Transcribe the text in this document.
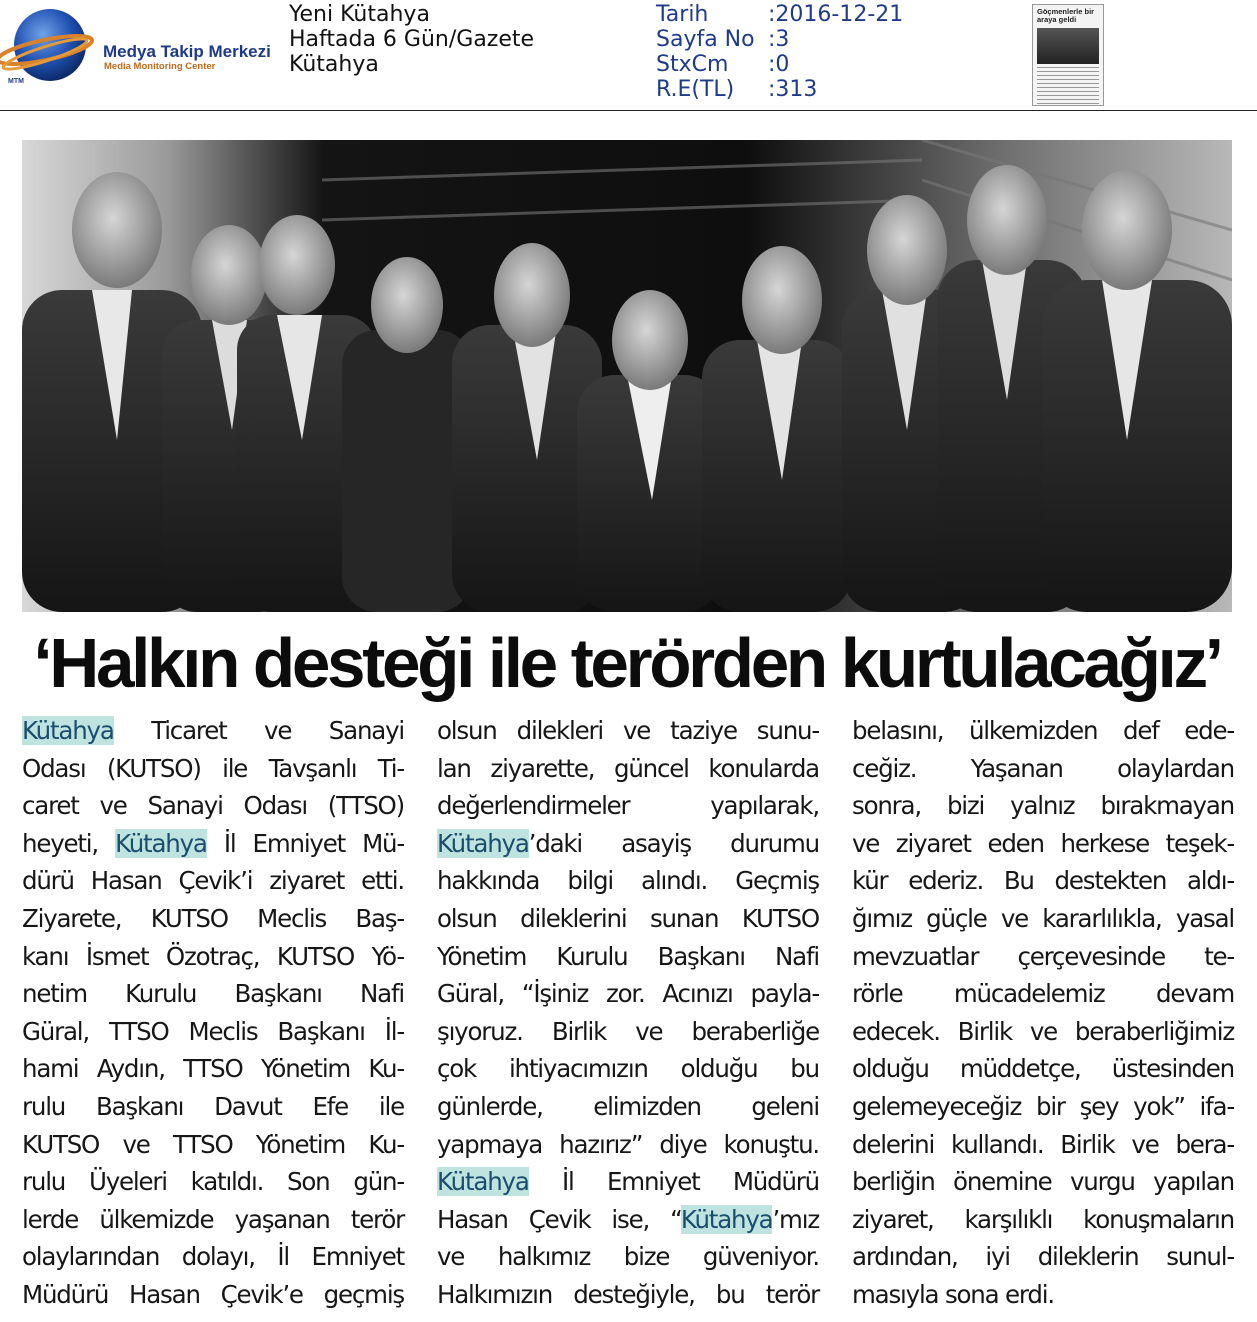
Medya Takip Merkezi
Media Monitoring Center
MTM
Yeni Kütahya
Haftada 6 Gün/Gazete
Kütahya
Tarih	: 2016-12-21
Sayfa No : 3
StxCm	: 0
R.E(TL)	: 313
Göçmenlerle bir araya geldi
‘Halkın desteği ile terörden kurtulacağız’

Kütahya Ticaret ve Sanayi

Odası (KUTSO) ile Tavşanlı Ti-

caret ve Sanayi Odası (TTSO)

heyeti, Kütahya İl Emniyet Mü-

dürü Hasan Çevik’i ziyaret etti.

Ziyarete, KUTSO Meclis Baş-

kanı İsmet Özotraç, KUTSO Yö-

netim Kurulu Başkanı Nafi

Güral, TTSO Meclis Başkanı İl-

hami Aydın, TTSO Yönetim Ku-

rulu Başkanı Davut Efe ile

KUTSO ve TTSO Yönetim Ku-

rulu Üyeleri katıldı. Son gün-

lerde ülkemizde yaşanan terör

olaylarından dolayı, İl Emniyet

Müdürü Hasan Çevik’e geçmiş

olsun dilekleri ve taziye sunu-

lan ziyarette, güncel konularda

değerlendirmeler yapılarak,

Kütahya’daki asayiş durumu

hakkında bilgi alındı. Geçmiş

olsun dileklerini sunan KUTSO

Yönetim Kurulu Başkanı Nafi

Güral, “İşiniz zor. Acınızı payla-

şıyoruz. Birlik ve beraberliğe

çok ihtiyacımızın olduğu bu

günlerde, elimizden geleni

yapmaya hazırız” diye konuştu.

Kütahya İl Emniyet Müdürü

Hasan Çevik ise, “Kütahya’mız

ve halkımız bize güveniyor.

Halkımızın desteğiyle, bu terör

belasını, ülkemizden def ede-

ceğiz. Yaşanan olaylardan

sonra, bizi yalnız bırakmayan

ve ziyaret eden herkese teşek-

kür ederiz. Bu destekten aldı-

ğımız güçle ve kararlılıkla, yasal

mevzuatlar çerçevesinde te-

rörle mücadelemiz devam

edecek. Birlik ve beraberliğimiz

olduğu müddetçe, üstesinden

gelemeyeceğiz bir şey yok” ifa-

delerini kullandı. Birlik ve bera-

berliğin önemine vurgu yapılan

ziyaret, karşılıklı konuşmaların

ardından, iyi dileklerin sunul-

masıyla sona erdi.
